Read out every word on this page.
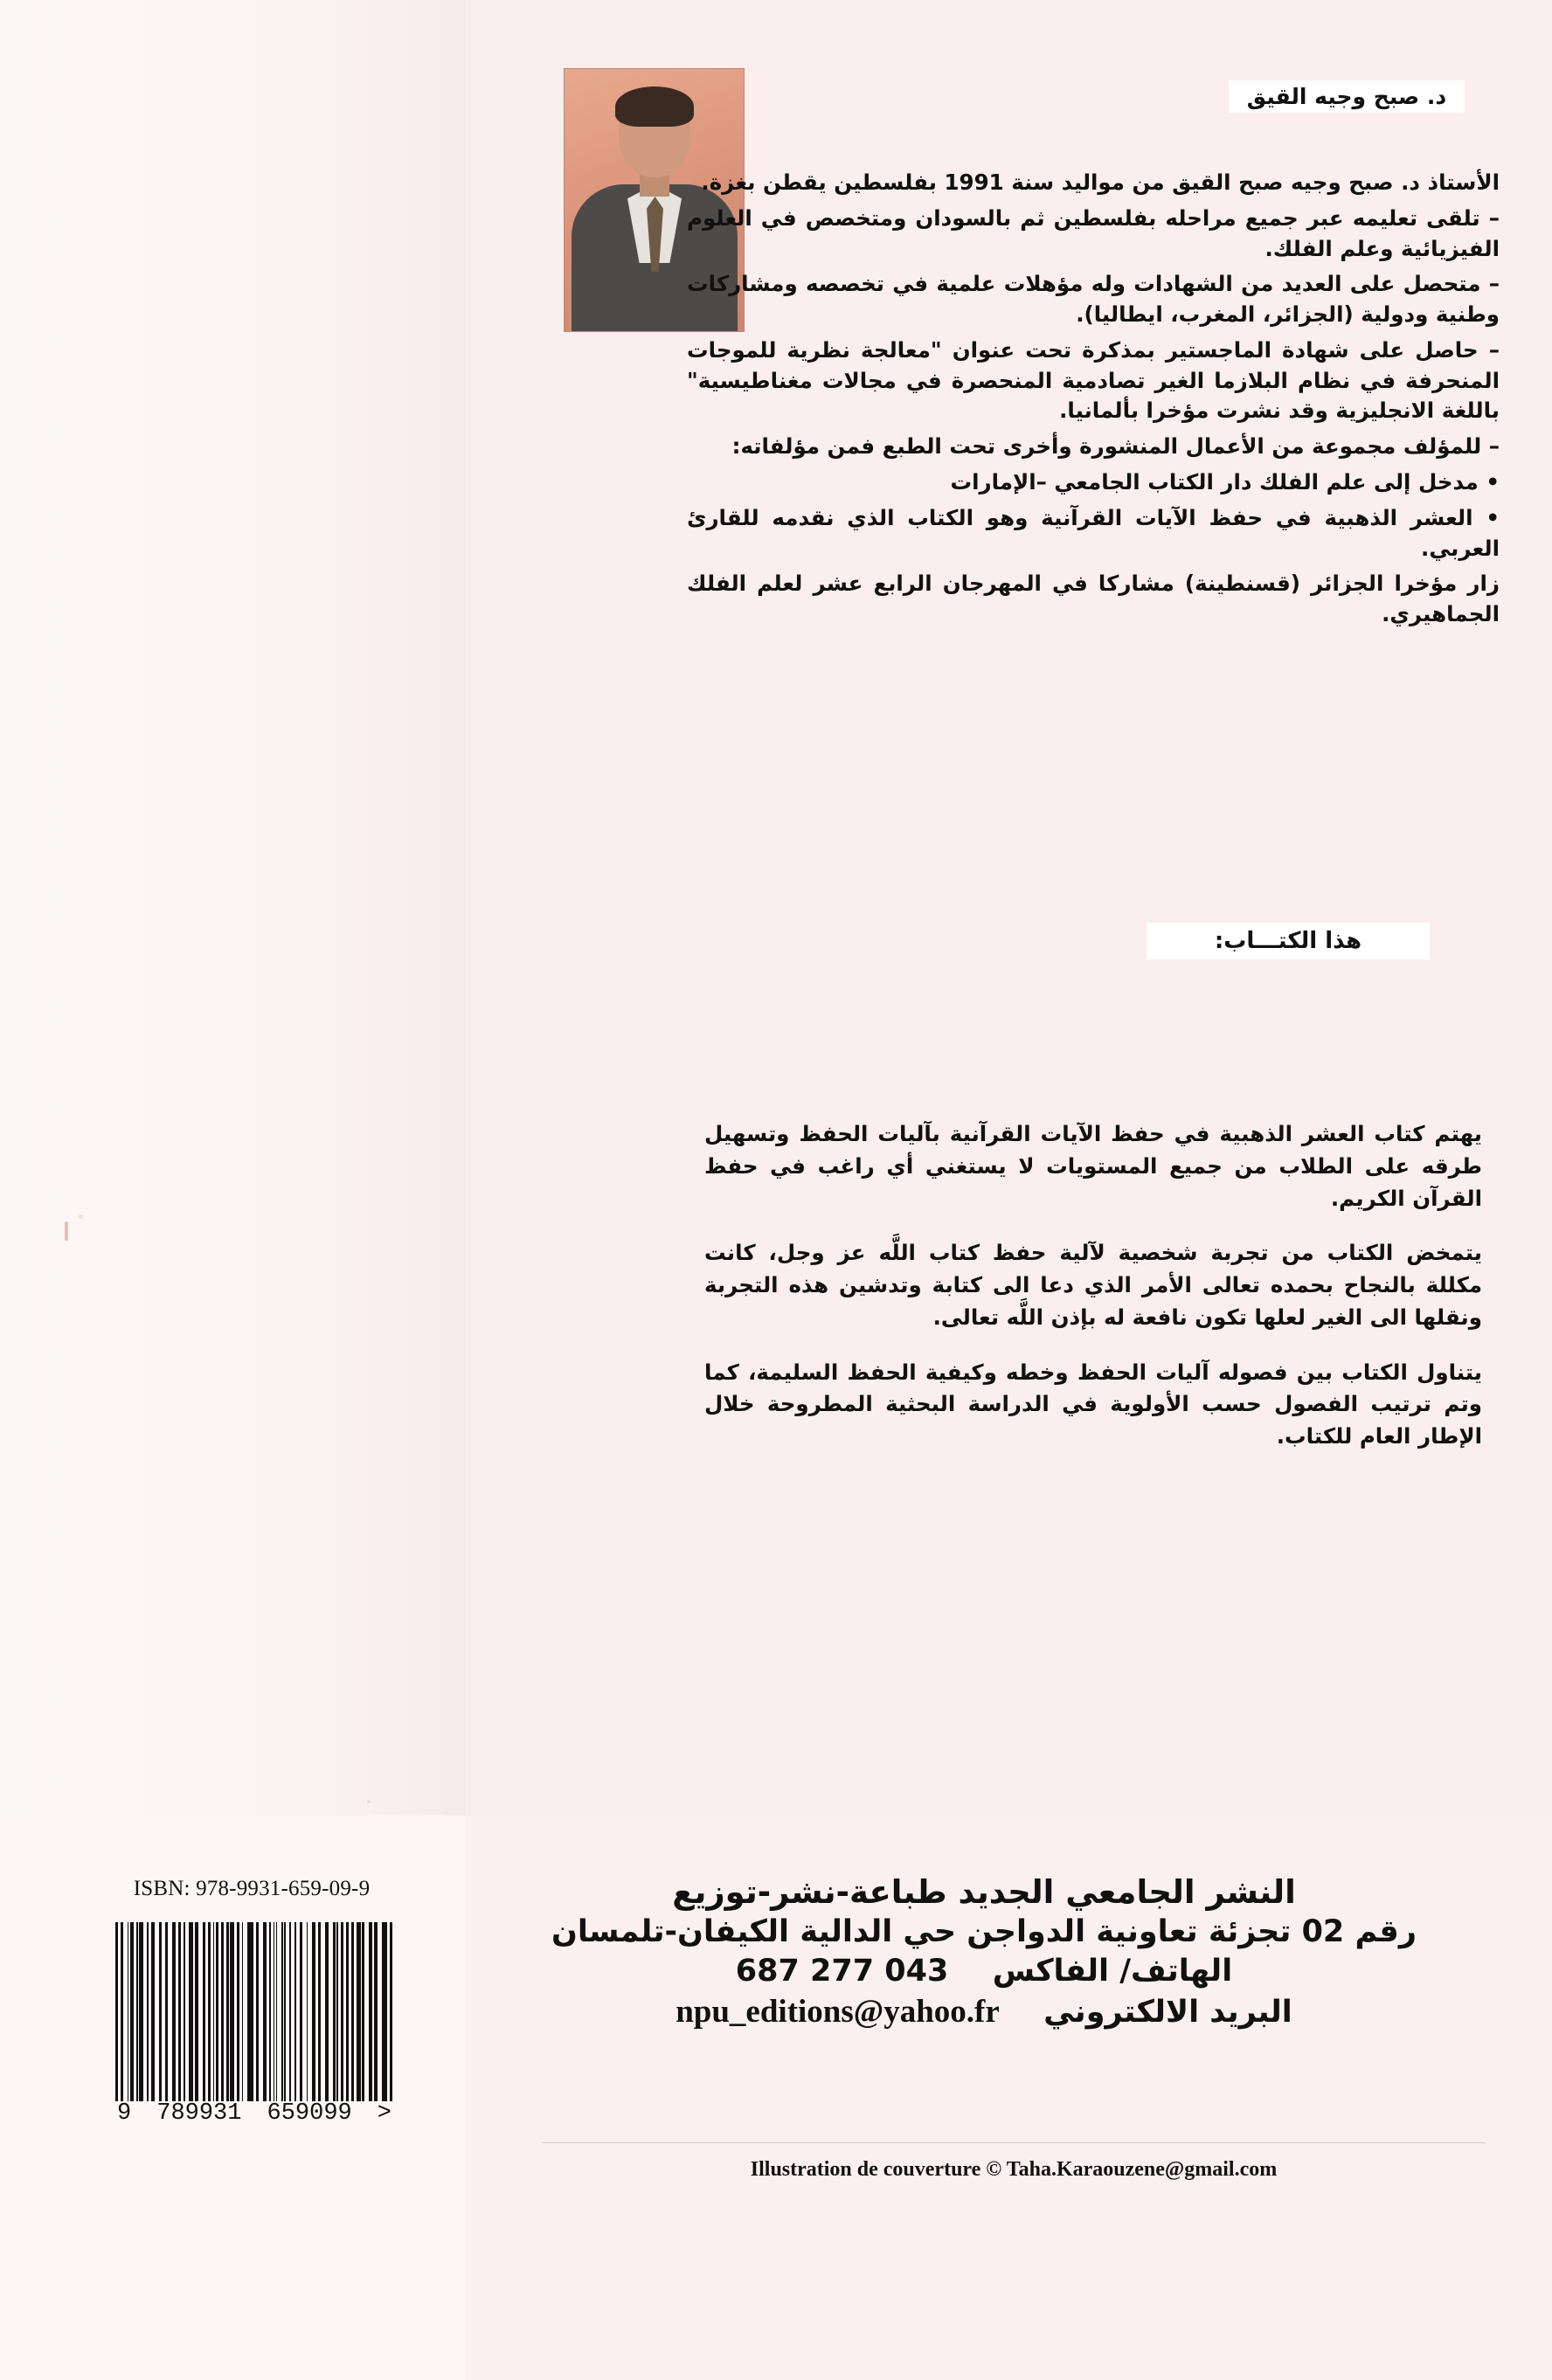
د. صبح وجيه القيق

الأستاذ د. صبح وجيه صبح القيق من مواليد سنة 1991 بفلسطين يقطن بغزة.

– تلقى تعليمه عبر جميع مراحله بفلسطين ثم بالسودان ومتخصص في العلوم الفيزيائية وعلم الفلك.

– متحصل على العديد من الشهادات وله مؤهلات علمية في تخصصه ومشاركات وطنية ودولية (الجزائر، المغرب، ايطاليا).

– حاصل على شهادة الماجستير بمذكرة تحت عنوان "معالجة نظرية للموجات المنحرفة في نظام البلازما الغير تصادمية المنحصرة في مجالات مغناطيسية" باللغة الانجليزية وقد نشرت مؤخرا بألمانيا.

– للمؤلف مجموعة من الأعمال المنشورة وأخرى تحت الطبع فمن مؤلفاته:

• مدخل إلى علم الفلك دار الكتاب الجامعي –الإمارات

• العشر الذهبية في حفظ الآيات القرآنية وهو الكتاب الذي نقدمه للقارئ العربي.

زار مؤخرا الجزائر (قسنطينة) مشاركا في المهرجان الرابع عشر لعلم الفلك الجماهيري.

هذا الكتـــاب:

يهتم كتاب العشر الذهبية في حفظ الآيات القرآنية بآليات الحفظ وتسهيل طرقه على الطلاب من جميع المستويات لا يستغني أي راغب في حفظ القرآن الكريم.

يتمخض الكتاب من تجربة شخصية لآلية حفظ كتاب اللَّه عز وجل، كانت مكللة بالنجاح بحمده تعالى الأمر الذي دعا الى كتابة وتدشين هذه التجربة ونقلها الى الغير لعلها تكون نافعة له بإذن اللَّه تعالى.

يتناول الكتاب بين فصوله آليات الحفظ وخطه وكيفية الحفظ السليمة، كما وتم ترتيب الفصول حسب الأولوية في الدراسة البحثية المطروحة خلال الإطار العام للكتاب.

ISBN: 978-9931-659-09-9
9 789931 659099 >
النشر الجامعي الجديد طباعة-نشر-توزيع
رقم 02 تجزئة تعاونية الدواجن حي الدالية الكيفان-تلمسان
الهاتف/ الفاكس  043 277 687
البريد الالكتروني  npu_editions@yahoo.fr
Illustration de couverture © Taha.Karaouzene@gmail.com
